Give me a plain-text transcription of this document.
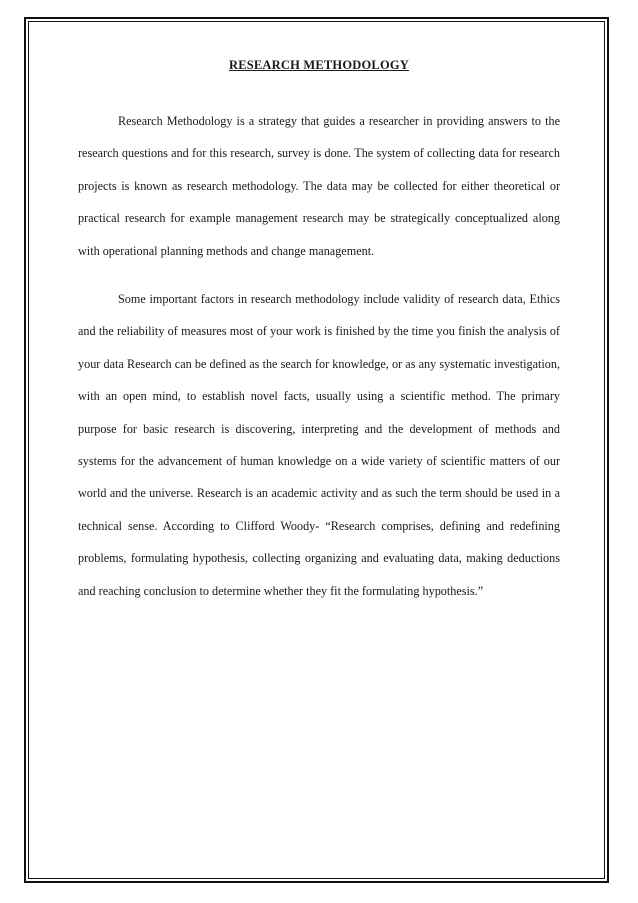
RESEARCH METHODOLOGY

Research Methodology is a strategy that guides a researcher in providing answers to the research questions and for this research, survey is done. The system of collecting data for research projects is known as research methodology. The data may be collected for either theoretical or practical research for example management research may be strategically conceptualized along with operational planning methods and change management.

Some important factors in research methodology include validity of research data, Ethics and the reliability of measures most of your work is finished by the time you finish the analysis of your data Research can be defined as the search for knowledge, or as any systematic investigation, with an open mind, to establish novel facts, usually using a scientific method. The primary purpose for basic research is discovering, interpreting and the development of methods and systems for the advancement of human knowledge on a wide variety of scientific matters of our world and the universe. Research is an academic activity and as such the term should be used in a technical sense. According to Clifford Woody- “Research comprises, defining and redefining problems, formulating hypothesis, collecting organizing and evaluating data, making deductions and reaching conclusion to determine whether they fit the formulating hypothesis.”
